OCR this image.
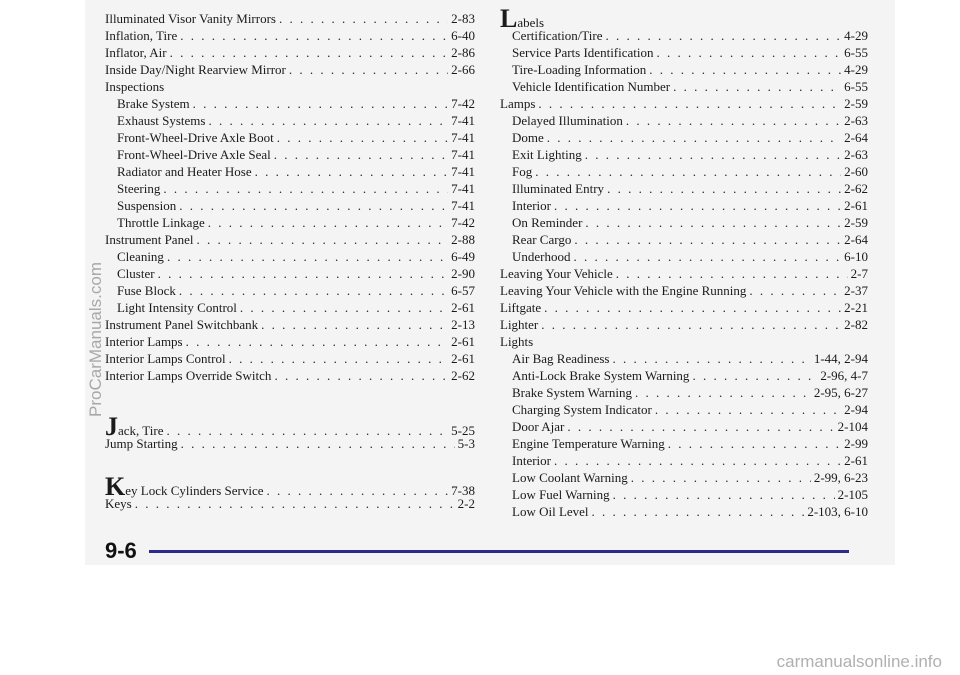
Illuminated Visor Vanity Mirrors . . .	2-83
Inflation, Tire . . .	6-40
Inflator, Air . . .	2-86
Inside Day/Night Rearview Mirror . . .	2-66
Inspections
Brake System . . .	7-42
Exhaust Systems . . .	7-41
Front-Wheel-Drive Axle Boot . . .	7-41
Front-Wheel-Drive Axle Seal . . .	7-41
Radiator and Heater Hose . . .	7-41
Steering . . .	7-41
Suspension . . .	7-41
Throttle Linkage . . .	7-42
Instrument Panel . . .	2-88
Cleaning . . .	6-49
Cluster . . .	2-90
Fuse Block . . .	6-57
Light Intensity Control . . .	2-61
Instrument Panel Switchbank . . .	2-13
Interior Lamps . . .	2-61
Interior Lamps Control . . .	2-61
Interior Lamps Override Switch . . .	2-62
J ack, Tire . . .	5-25
Jump Starting . . .	5-3
K ey Lock Cylinders Service . . .	7-38
Keys . . .	2-2
L abels
Certification/Tire . . .	4-29
Service Parts Identification . . .	6-55
Tire-Loading Information . . .	4-29
Vehicle Identification Number . . .	6-55
Lamps . . .	2-59
Delayed Illumination . . .	2-63
Dome . . .	2-64
Exit Lighting . . .	2-63
Fog . . .	2-60
Illuminated Entry . . .	2-62
Interior . . .	2-61
On Reminder . . .	2-59
Rear Cargo . . .	2-64
Underhood . . .	6-10
Leaving Your Vehicle . . .	2-7
Leaving Your Vehicle with the Engine Running . . .	2-37
Liftgate . . .	2-21
Lighter . . .	2-82
Lights
Air Bag Readiness . . .	1-44, 2-94
Anti-Lock Brake System Warning . . .	2-96, 4-7
Brake System Warning . . .	2-95, 6-27
Charging System Indicator . . .	2-94
Door Ajar . . .	2-104
Engine Temperature Warning . . .	2-99
Interior . . .	2-61
Low Coolant Warning . . .	2-99, 6-23
Low Fuel Warning . . .	2-105
Low Oil Level . . .	2-103, 6-10
ProCarManuals.com
9-6
carmanualsonline.info
